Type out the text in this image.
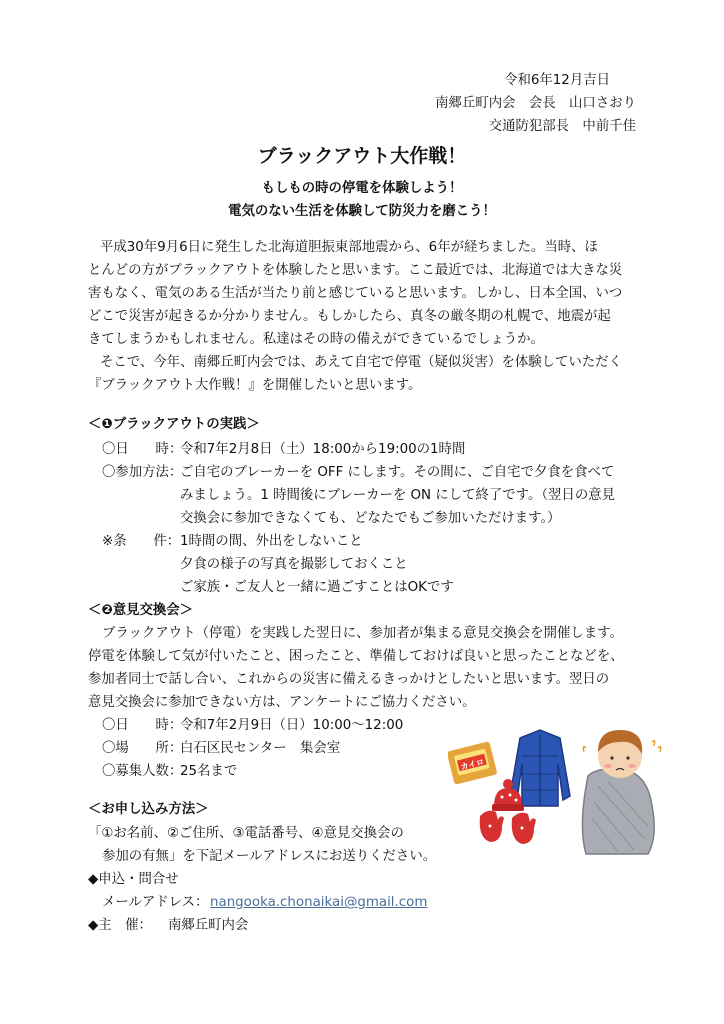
令和6年12月吉日
南郷丘町内会　会長　山口さおり
交通防犯部長　中前千佳
ブラックアウト大作戦！
もしもの時の停電を体験しよう！
電気のない生活を体験して防災力を磨こう！
平成30年9月6日に発生した北海道胆振東部地震から、6年が経ちました。当時、ほ
とんどの方がブラックアウトを体験したと思います。ここ最近では、北海道では大きな災
害もなく、電気のある生活が当たり前と感じていると思います。しかし、日本全国、いつ
どこで災害が起きるか分かりません。もしかしたら、真冬の厳冬期の札幌で、地震が起
きてしまうかもしれません。私達はその時の備えができているでしょうか。
そこで、今年、南郷丘町内会では、あえて自宅で停電（疑似災害）を体験していただく
『ブラックアウト大作戦！』を開催したいと思います。
＜❶ブラックアウトの実践＞
〇日　　時：
令和7年2月8日（土）18:00から19:00の1時間
〇参加方法：
ご自宅のブレーカーを OFF にします。その間に、ご自宅で夕食を食べて
みましょう。1 時間後にブレーカーを ON にして終了です。（翌日の意見
交換会に参加できなくても、どなたでもご参加いただけます。）
※条　　件： 1時間の間、外出をしないこと
夕食の様子の写真を撮影しておくこと
ご家族・ご友人と一緒に過ごすことはOKです
＜❷意見交換会＞
ブラックアウト（停電）を実践した翌日に、参加者が集まる意見交換会を開催します。
停電を体験して気が付いたこと、困ったこと、準備しておけば良いと思ったことなどを、
参加者同士で話し合い、これからの災害に備えるきっかけとしたいと思います。翌日の
意見交換会に参加できない方は、アンケートにご協力ください。
〇日　　時：
令和7年2月9日（日）10:00～12:00
〇場　　所：
白石区民センター　集会室
〇募集人数：
25名まで
＜お申し込み方法＞
「①お名前、②ご住所、③電話番号、④意見交換会の
参加の有無」を下記メールアドレスにお送りください。
◆申込・問合せ
メールアドレス： nangooka.chonaikai@gmail.com
◆主　催： 南郷丘町内会
カイロ
